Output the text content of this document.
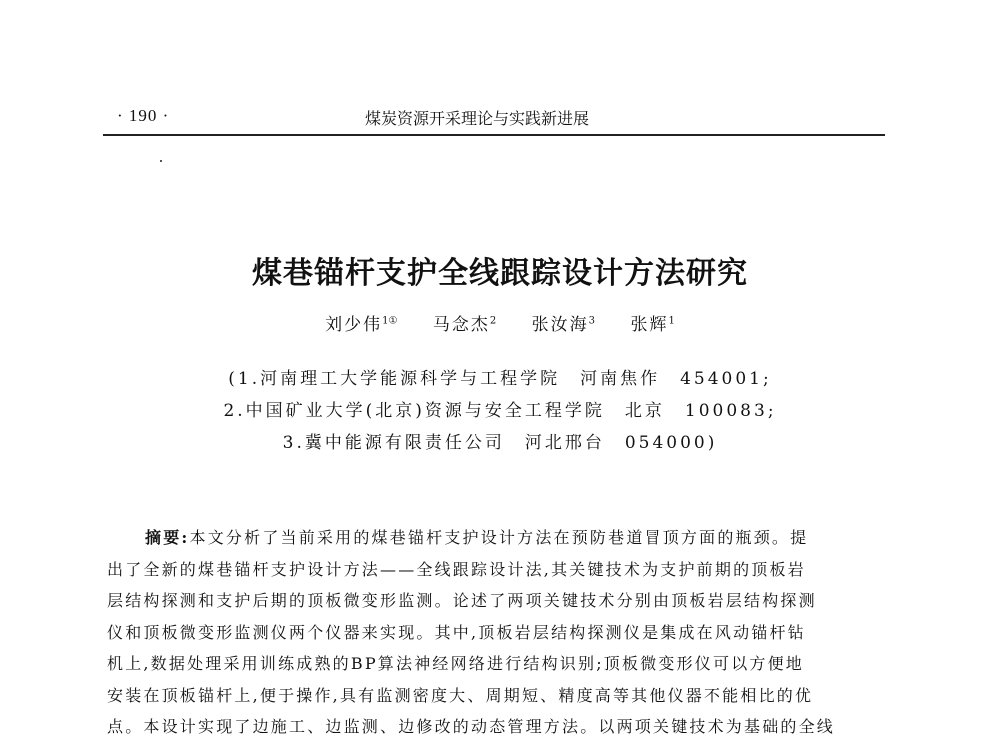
· 190 ·	煤炭资源开采理论与实践新进展
煤巷锚杆支护全线跟踪设计方法研究
刘少伟$^{1①}$ 马念杰$^2$ 张汝海$^3$ 张辉$^1$
(1.河南理工大学能源科学与工程学院　河南焦作　454001;
2.中国矿业大学(北京)资源与安全工程学院　北京　100083;
3.冀中能源有限责任公司　河北邢台　054000)
摘要:本文分析了当前采用的煤巷锚杆支护设计方法在预防巷道冒顶方面的瓶颈。提
出了全新的煤巷锚杆支护设计方法——全线跟踪设计法,其关键技术为支护前期的顶板岩
层结构探测和支护后期的顶板微变形监测。论述了两项关键技术分别由顶板岩层结构探测
仪和顶板微变形监测仪两个仪器来实现。其中,顶板岩层结构探测仪是集成在风动锚杆钻
机上,数据处理采用训练成熟的BP算法神经网络进行结构识别;顶板微变形仪可以方便地
安装在顶板锚杆上,便于操作,具有监测密度大、周期短、精度高等其他仪器不能相比的优
点。本设计实现了边施工、边监测、边修改的动态管理方法。以两项关键技术为基础的全线
